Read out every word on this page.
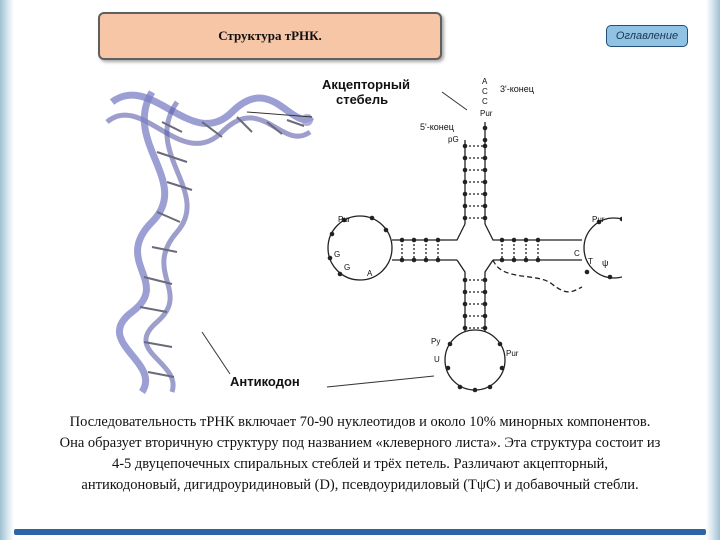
Структура тРНК.	Оглавление
Акцепторный
стебель
Антикодон
3'-конец
5'-конец
A
C
C
Pur
pG
Pur
G
G
A
Pur
T ψ
C
Py
U
Pur
Последовательность тРНК включает 70-90 нуклеотидов и около 10% минорных компонентов.
Она образует вторичную структуру под названием «клеверного листа». Эта структура состоит из
4-5 двуцепочечных спиральных стеблей и трёх петель. Различают акцепторный,
антикодоновый, дигидроуридиновый (D), псевдоуридиловый (TψC) и добавочный стебли.
